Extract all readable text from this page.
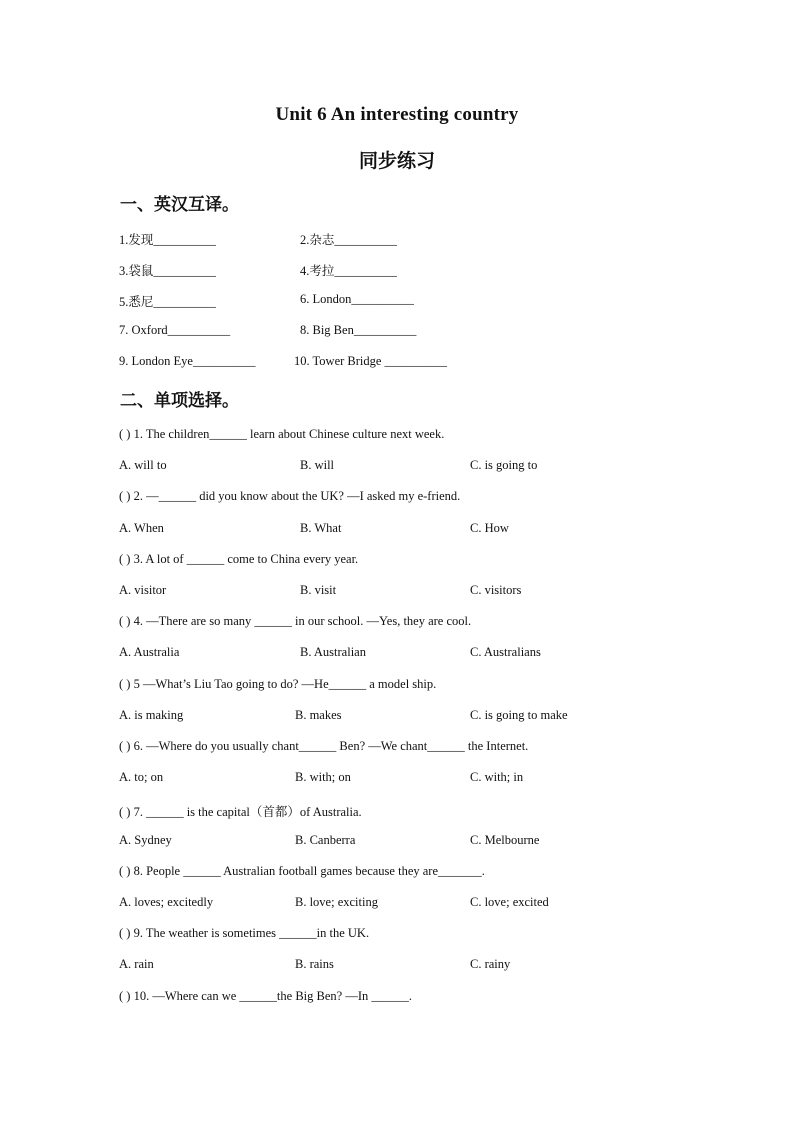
Unit 6 An interesting country
同步练习
一、英汉互译。
1.发现__________	2.杂志__________
3.袋鼠__________	4.考拉__________
5.悉尼__________	6. London__________
7. Oxford__________	8. Big Ben__________
9. London Eye__________	10. Tower Bridge __________
二、单项选择。
( ) 1. The children______ learn about Chinese culture next week.
A. will to	B. will	C. is going to
( ) 2. —______ did you know about the UK? —I asked my e-friend.
A. When	B. What	C. How
( ) 3. A lot of ______ come to China every year.
A. visitor	B. visit	C. visitors
( ) 4. —There are so many ______ in our school. —Yes, they are cool.
A. Australia	B. Australian	C. Australians
( ) 5 —What’s Liu Tao going to do? —He______ a model ship.
A. is making	B. makes	C. is going to make
( ) 6. —Where do you usually chant______ Ben? —We chant______ the Internet.
A. to; on	B. with; on	C. with; in
( ) 7. ______ is the capital（首都）of Australia.
A. Sydney	B. Canberra	C. Melbourne
( ) 8. People ______ Australian football games because they are_______.
A. loves; excitedly	B. love; exciting	C. love; excited
( ) 9. The weather is sometimes ______in the UK.
A. rain	B. rains	C. rainy
( ) 10. —Where can we ______the Big Ben? —In ______.
